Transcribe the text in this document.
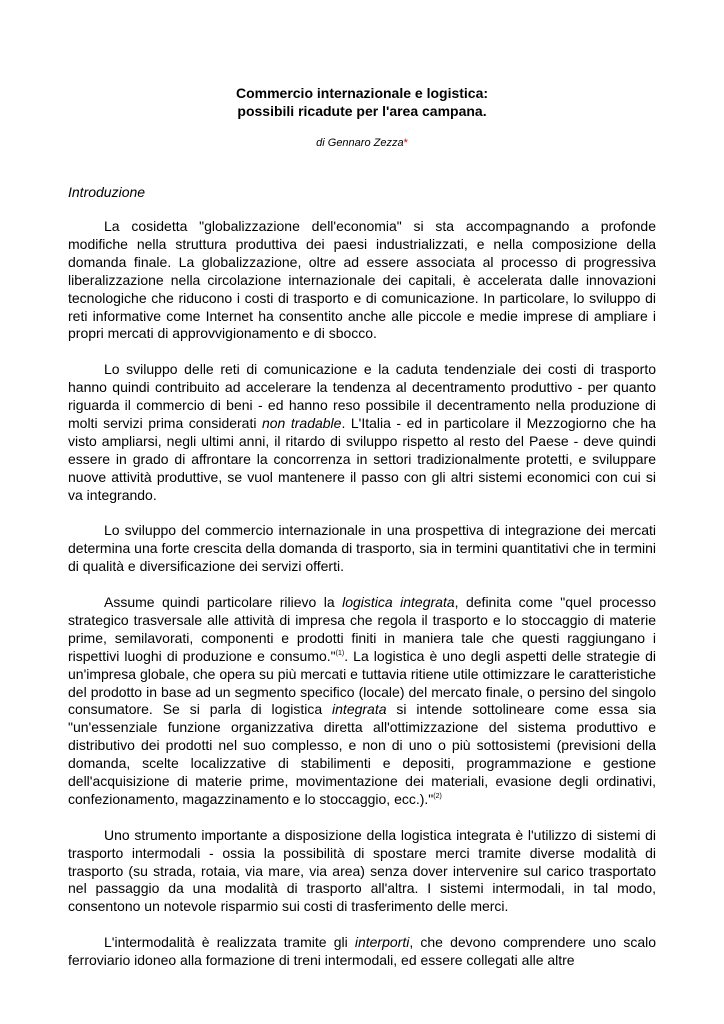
Commercio internazionale e logistica:
possibili ricadute per l'area campana.
di Gennaro Zezza*
Introduzione

La cosidetta "globalizzazione dell'economia" si sta accompagnando a profonde modifiche nella struttura produttiva dei paesi industrializzati, e nella composizione della domanda finale. La globalizzazione, oltre ad essere associata al processo di progressiva liberalizzazione nella circolazione internazionale dei capitali, è accelerata dalle innovazioni tecnologiche che riducono i costi di trasporto e di comunicazione. In particolare, lo sviluppo di reti informative come Internet ha consentito anche alle piccole e medie imprese di ampliare i propri mercati di approvvigionamento e di sbocco.

Lo sviluppo delle reti di comunicazione e la caduta tendenziale dei costi di trasporto hanno quindi contribuito ad accelerare la tendenza al decentramento produttivo - per quanto riguarda il commercio di beni - ed hanno reso possibile il decentramento nella produzione di molti servizi prima considerati non tradable. L'Italia - ed in particolare il Mezzogiorno che ha visto ampliarsi, negli ultimi anni, il ritardo di sviluppo rispetto al resto del Paese - deve quindi essere in grado di affrontare la concorrenza in settori tradizionalmente protetti, e sviluppare nuove attività produttive, se vuol mantenere il passo con gli altri sistemi economici con cui si va integrando.

Lo sviluppo del commercio internazionale in una prospettiva di integrazione dei mercati determina una forte crescita della domanda di trasporto, sia in termini quantitativi che in termini di qualità e diversificazione dei servizi offerti.

Assume quindi particolare rilievo la logistica integrata, definita come "quel processo strategico trasversale alle attività di impresa che regola il trasporto e lo stoccaggio di materie prime, semilavorati, componenti e prodotti finiti in maniera tale che questi raggiungano i rispettivi luoghi di produzione e consumo."$^{(1)}$. La logistica è uno degli aspetti delle strategie di un'impresa globale, che opera su più mercati e tuttavia ritiene utile ottimizzare le caratteristiche del prodotto in base ad un segmento specifico (locale) del mercato finale, o persino del singolo consumatore. Se si parla di logistica integrata si intende sottolineare come essa sia "un'essenziale funzione organizzativa diretta all'ottimizzazione del sistema produttivo e distributivo dei prodotti nel suo complesso, e non di uno o più sottosistemi (previsioni della domanda, scelte localizzative di stabilimenti e depositi, programmazione e gestione dell'acquisizione di materie prime, movimentazione dei materiali, evasione degli ordinativi, confezionamento, magazzinamento e lo stoccaggio, ecc.)."$^{(2)}$

Uno strumento importante a disposizione della logistica integrata è l'utilizzo di sistemi di trasporto intermodali - ossia la possibilità di spostare merci tramite diverse modalità di trasporto (su strada, rotaia, via mare, via area) senza dover intervenire sul carico trasportato nel passaggio da una modalità di trasporto all'altra. I sistemi intermodali, in tal modo, consentono un notevole risparmio sui costi di trasferimento delle merci.

L'intermodalità è realizzata tramite gli interporti, che devono comprendere uno scalo ferroviario idoneo alla formazione di treni intermodali, ed essere collegati alle altre
